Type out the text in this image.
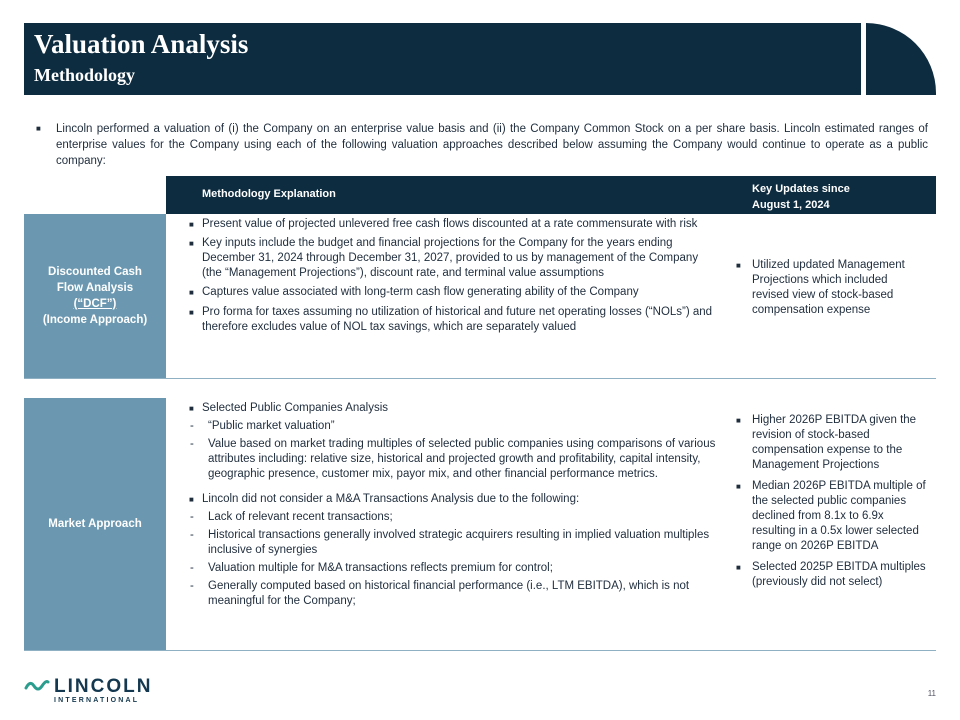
Valuation Analysis
Methodology
■	Lincoln performed a valuation of (i) the Company on an enterprise value basis and (ii) the Company Common Stock on a per share basis. Lincoln estimated ranges of enterprise values for the Company using each of the following valuation approaches described below assuming the Company would continue to operate as a public company:

Methodology Explanation	Key Updates since
August 1, 2024
Discounted Cash
Flow Analysis
(“DCF”)
(Income Approach)
■ Present value of projected unlevered free cash flows discounted at a rate commensurate with risk
■ Key inputs include the budget and financial projections for the Company for the years ending December 31, 2024 through December 31, 2027, provided to us by management of the Company (the “Management Projections”), discount rate, and terminal value assumptions
■ Captures value associated with long-term cash flow generating ability of the Company
■ Pro forma for taxes assuming no utilization of historical and future net operating losses (“NOLs”) and therefore excludes value of NOL tax savings, which are separately valued
■ Utilized updated Management Projections which included revised view of stock-based compensation expense
Market Approach
■ Selected Public Companies Analysis
- “Public market valuation”
- Value based on market trading multiples of selected public companies using comparisons of various attributes including: relative size, historical and projected growth and profitability, capital intensity, geographic presence, customer mix, payor mix, and other financial performance metrics.
■ Lincoln did not consider a M&A Transactions Analysis due to the following:
- Lack of relevant recent transactions;
- Historical transactions generally involved strategic acquirers resulting in implied valuation multiples inclusive of synergies
- Valuation multiple for M&A transactions reflects premium for control;
- Generally computed based on historical financial performance (i.e., LTM EBITDA), which is not meaningful for the Company;
■ Higher 2026P EBITDA given the revision of stock-based compensation expense to the Management Projections
■ Median 2026P EBITDA multiple of the selected public companies declined from 8.1x to 6.9x resulting in a 0.5x lower selected range on 2026P EBITDA
■ Selected 2025P EBITDA multiples (previously did not select)
LINCOLN
INTERNATIONAL
11
